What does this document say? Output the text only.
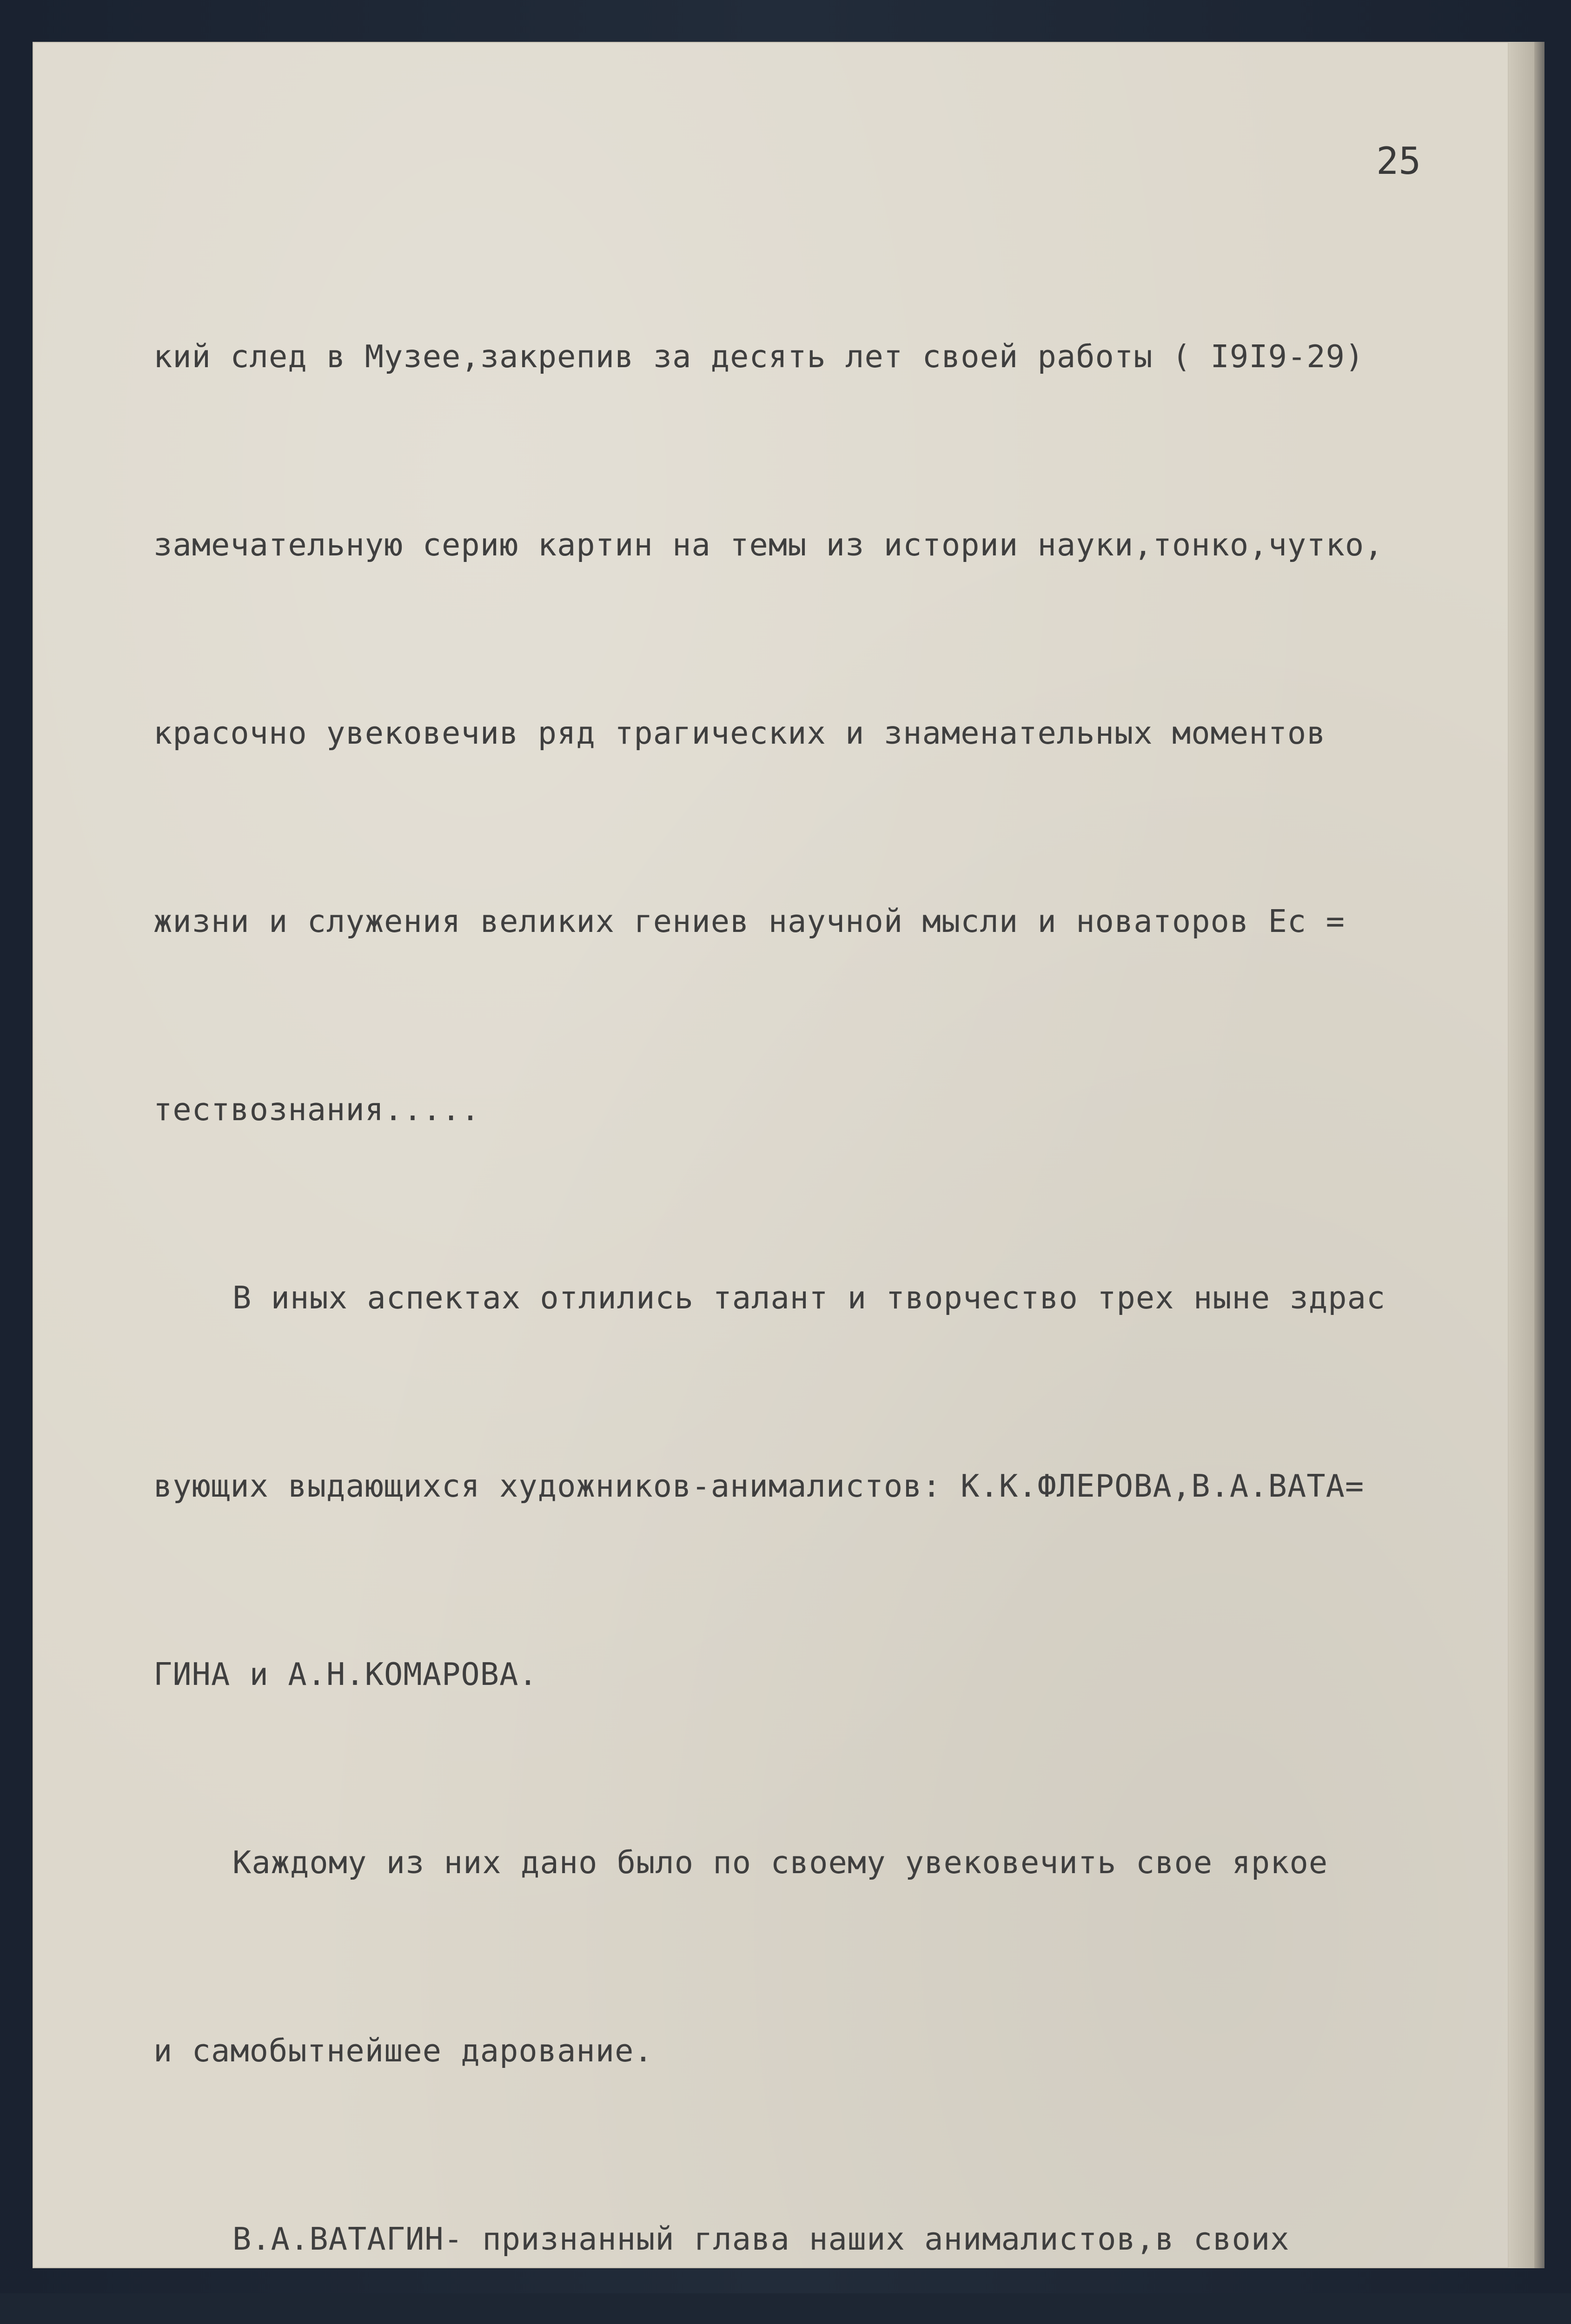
25

кий след в Музее,закрепив за десять лет своей работы ( I9I9-29)

замечательную серию картин на темы из истории науки,тонко,чутко,

красочно увековечив ряд трагических и знаменательных моментов

жизни и служения великих гениев научной мысли и новаторов Ес =

тествознания.....

В иных аспектах отлились талант и творчество трех ныне здрас

вующих выдающихся художников-анималистов: К.К.ФЛЕРОВА,В.А.ВАТА=

ГИНА и А.Н.КОМАРОВА.

Каждому из них дано было по своему увековечить свое яркое

и самобытнейшее дарование.

В.А.ВАТАГИН- признанный глава наших анималистов,в своих
